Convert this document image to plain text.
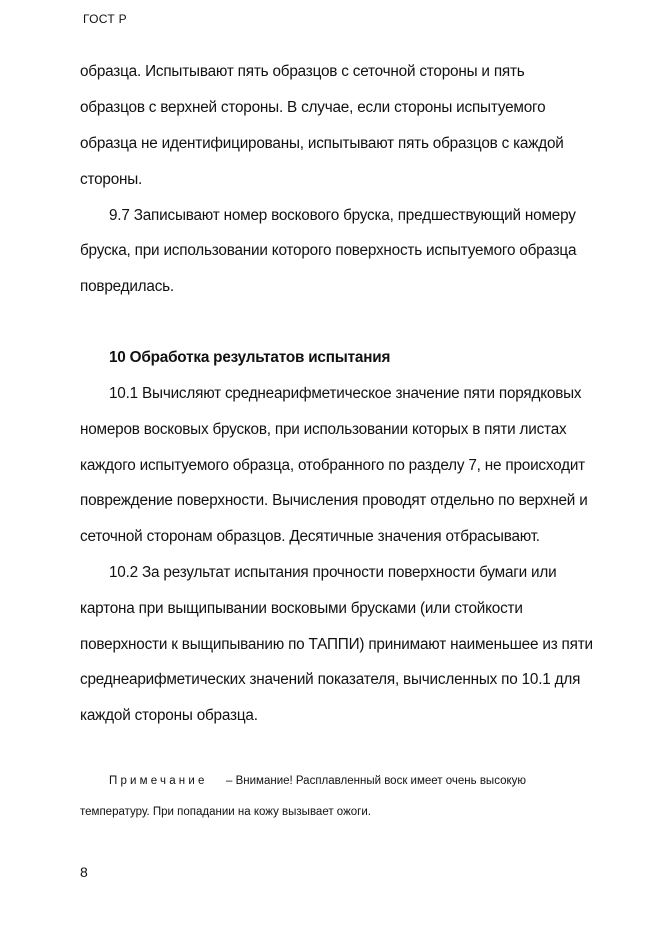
ГОСТ Р
образца. Испытывают пять образцов с сеточной стороны и пять
образцов с верхней стороны. В случае, если стороны испытуемого
образца не идентифицированы, испытывают пять образцов с каждой
стороны.
9.7 Записывают номер воскового бруска, предшествующий номеру
бруска, при использовании которого поверхность испытуемого образца
повредилась.
10 Обработка результатов испытания
10.1 Вычисляют среднеарифметическое значение пяти порядковых
номеров восковых брусков, при использовании которых в пяти листах
каждого испытуемого образца, отобранного по разделу 7, не происходит
повреждение поверхности. Вычисления проводят отдельно по верхней и
сеточной сторонам образцов. Десятичные значения отбрасывают.
10.2 За результат испытания прочности поверхности бумаги или
картона при выщипывании восковыми брусками (или стойкости
поверхности к выщипыванию по ТАППИ) принимают наименьшее из пяти
среднеарифметических значений показателя, вычисленных по 10.1 для
каждой стороны образца.
Примечание – Внимание! Расплавленный воск имеет очень высокую
температуру. При попадании на кожу вызывает ожоги.
8
